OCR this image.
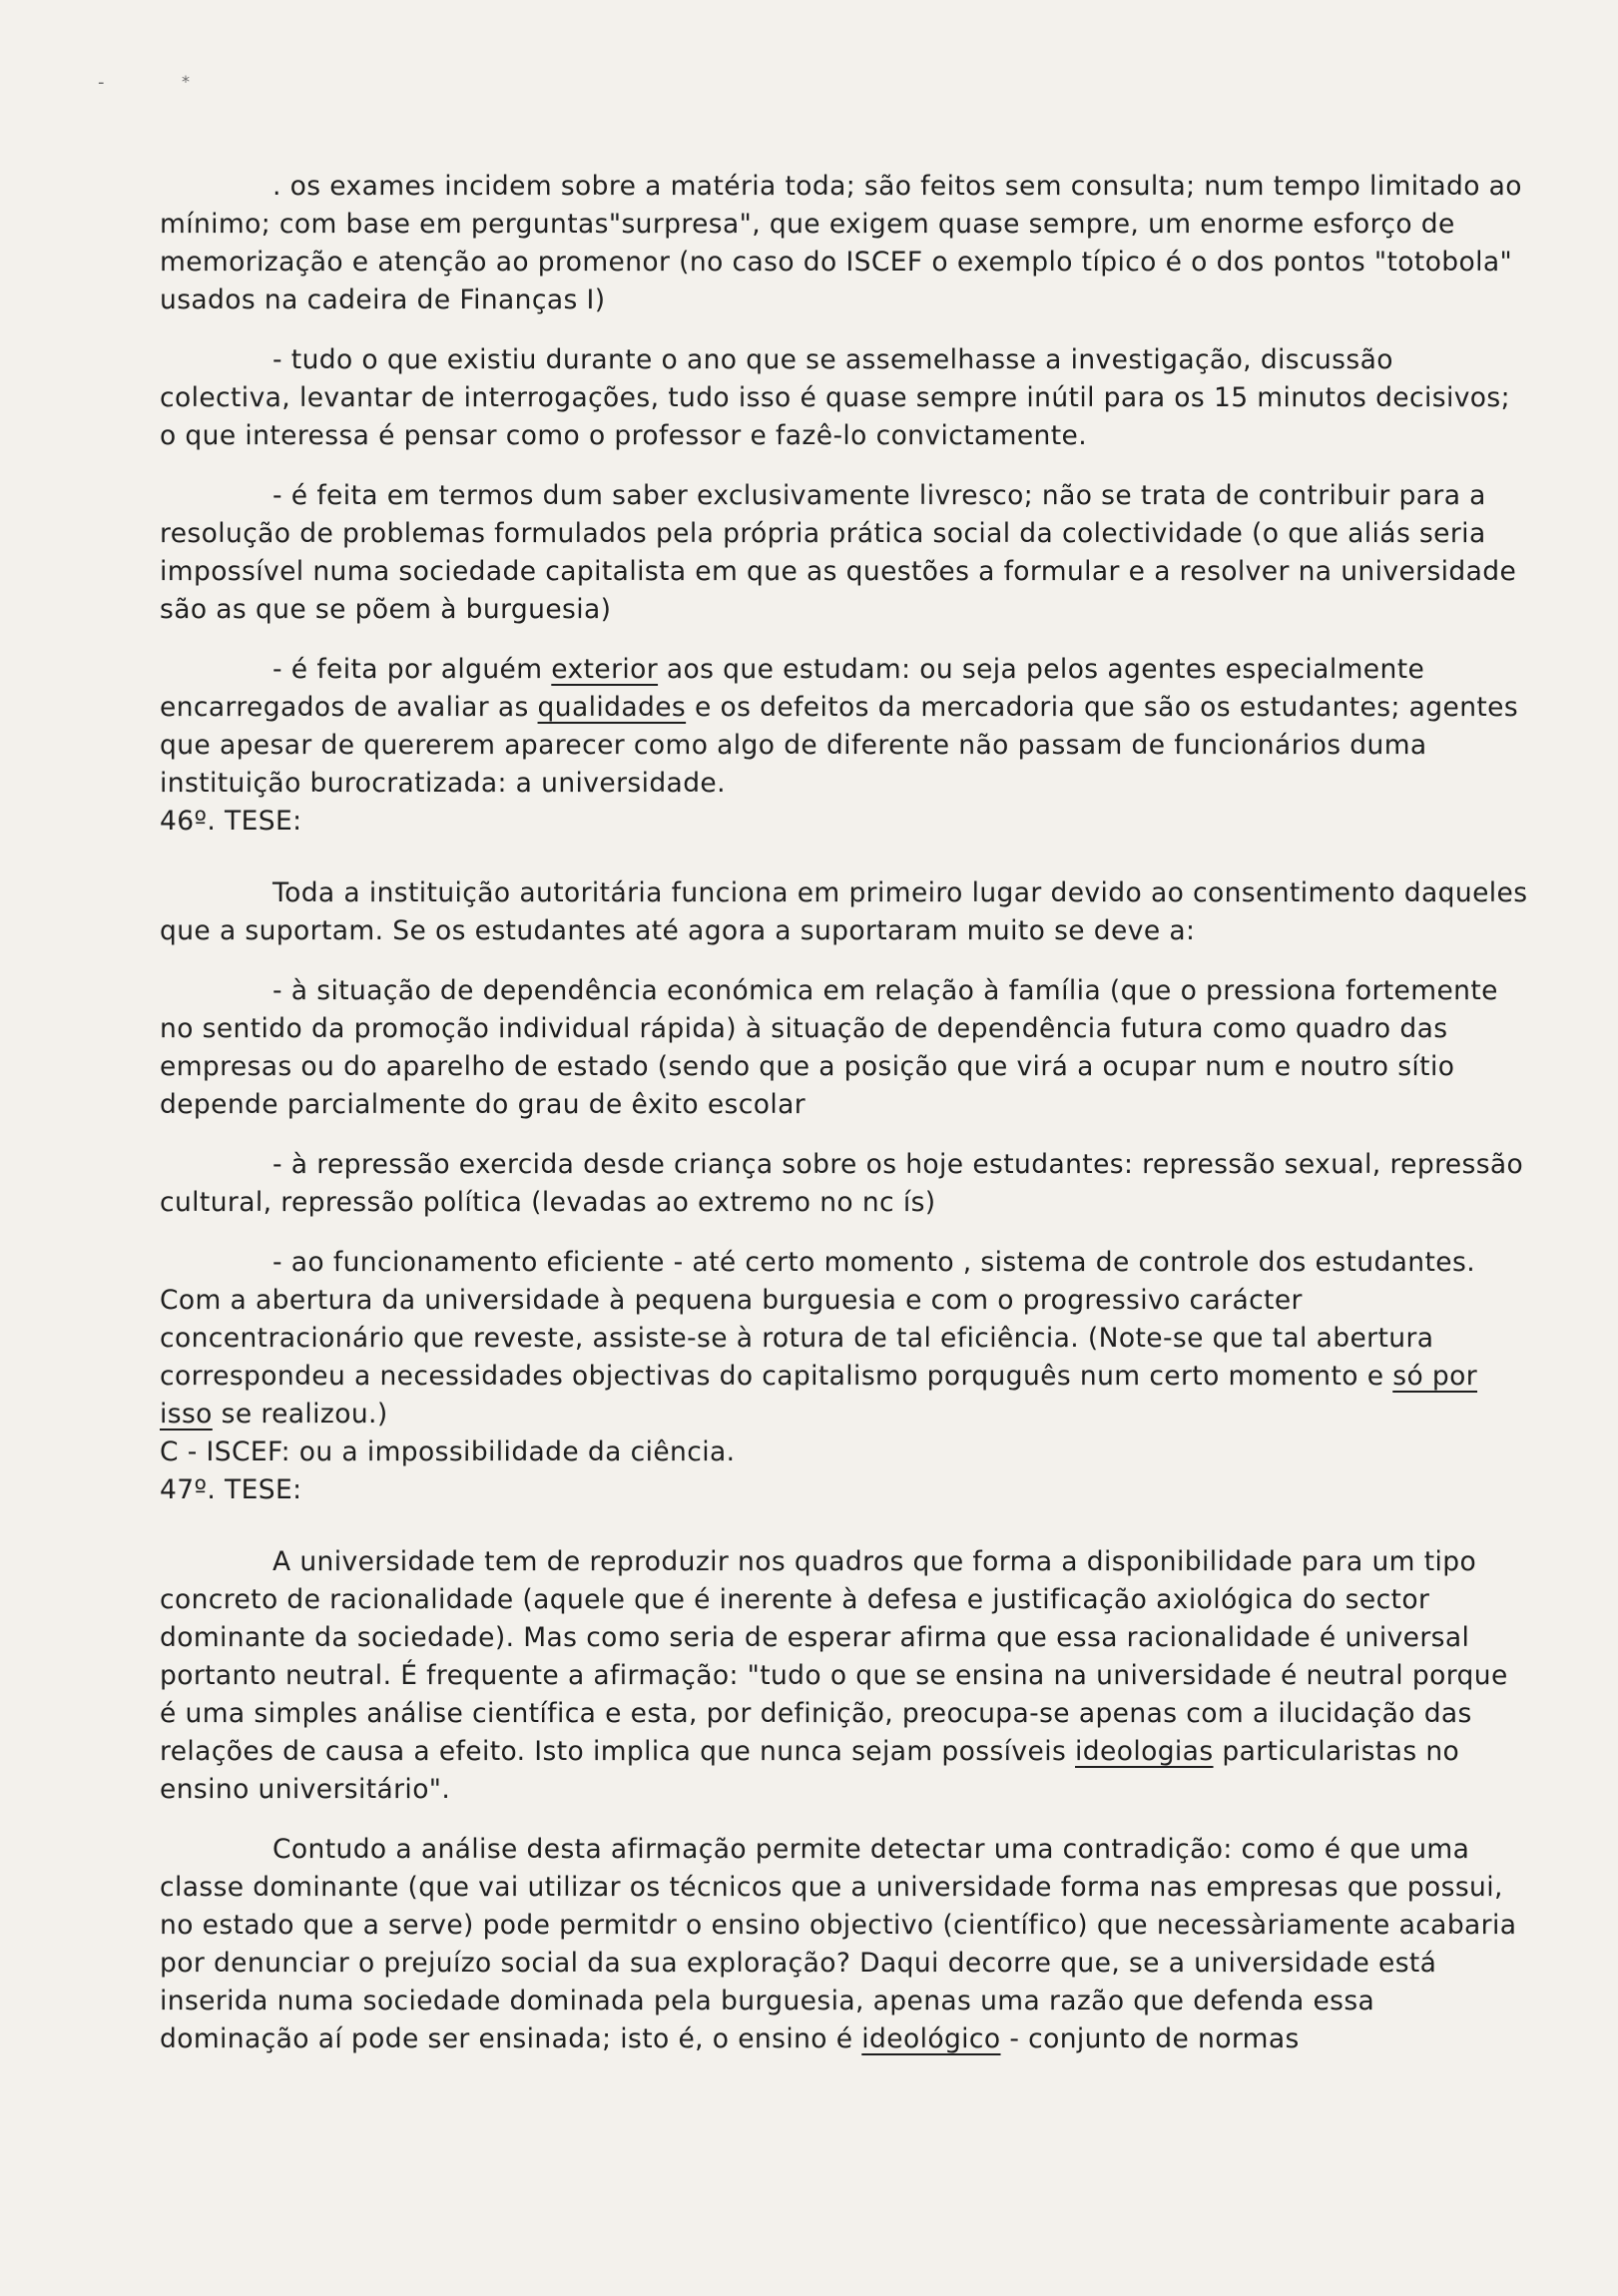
-	*

. os exames incidem sobre a matéria toda; são feitos sem consulta; num tempo limitado ao mínimo; com base em perguntas"surpresa", que exigem quase sempre, um enorme esforço de memorização e atenção ao promenor (no caso do ISCEF o exemplo típico é o dos pontos "totobola" usados na cadeira de Finanças I)

- tudo o que existiu durante o ano que se assemelhasse a investigação, discussão colectiva, levantar de interrogações, tudo isso é quase sempre inútil para os 15 minutos decisivos; o que interessa é pensar como o professor e fazê-lo convictamente.

- é feita em termos dum saber exclusivamente livresco; não se trata de contribuir para a resolução de problemas formulados pela própria prática social da colectividade (o que aliás seria impossível numa sociedade capitalista em que as questões a formular e a resolver na universidade são as que se põem à burguesia)

- é feita por alguém exterior aos que estudam: ou seja pelos agentes especialmente encarregados de avaliar as qualidades e os defeitos da mercadoria que são os estudantes; agentes que apesar de quererem aparecer como algo de diferente não passam de funcionários duma instituição burocratizada: a universidade.

46º. TESE:

Toda a instituição autoritária funciona em primeiro lugar devido ao consentimento daqueles que a suportam. Se os estudantes até agora a suportaram muito se deve a:

- à situação de dependência económica em relação à família (que o pressiona fortemente no sentido da promoção individual rápida) à situação de dependência futura como quadro das empresas ou do aparelho de estado (sendo que a posição que virá a ocupar num e noutro sítio depende parcialmente do grau de êxito escolar

- à repressão exercida desde criança sobre os hoje estudantes: repressão sexual, repressão cultural, repressão política (levadas ao extremo no nc ís)

- ao funcionamento eficiente - até certo momento , sistema de controle dos estudantes. Com a abertura da universidade à pequena burguesia e com o progressivo carácter concentracionário que reveste, assiste-se à rotura de tal eficiência. (Note-se que tal abertura correspondeu a necessidades objectivas do capitalismo porquguês num certo momento e só por isso se realizou.)

C - ISCEF: ou a impossibilidade da ciência.

47º. TESE:

A universidade tem de reproduzir nos quadros que forma a disponibilidade para um tipo concreto de racionalidade (aquele que é inerente à defesa e justificação axiológica do sector dominante da sociedade). Mas como seria de esperar afirma que essa racionalidade é universal portanto neutral. É frequente a afirmação: "tudo o que se ensina na universidade é neutral porque é uma simples análise científica e esta, por definição, preocupa-se apenas com a ilucidação das relações de causa a efeito. Isto implica que nunca sejam possíveis ideologias particularistas no ensino universitário".

Contudo a análise desta afirmação permite detectar uma contradição: como é que uma classe dominante (que vai utilizar os técnicos que a universidade forma nas empresas que possui, no estado que a serve) pode permitdr o ensino objectivo (científico) que necessàriamente acabaria por denunciar o prejuízo social da sua exploração? Daqui decorre que, se a universidade está inserida numa sociedade dominada pela burguesia, apenas uma razão que defenda essa dominação aí pode ser ensinada; isto é, o ensino é ideológico - conjunto de normas
